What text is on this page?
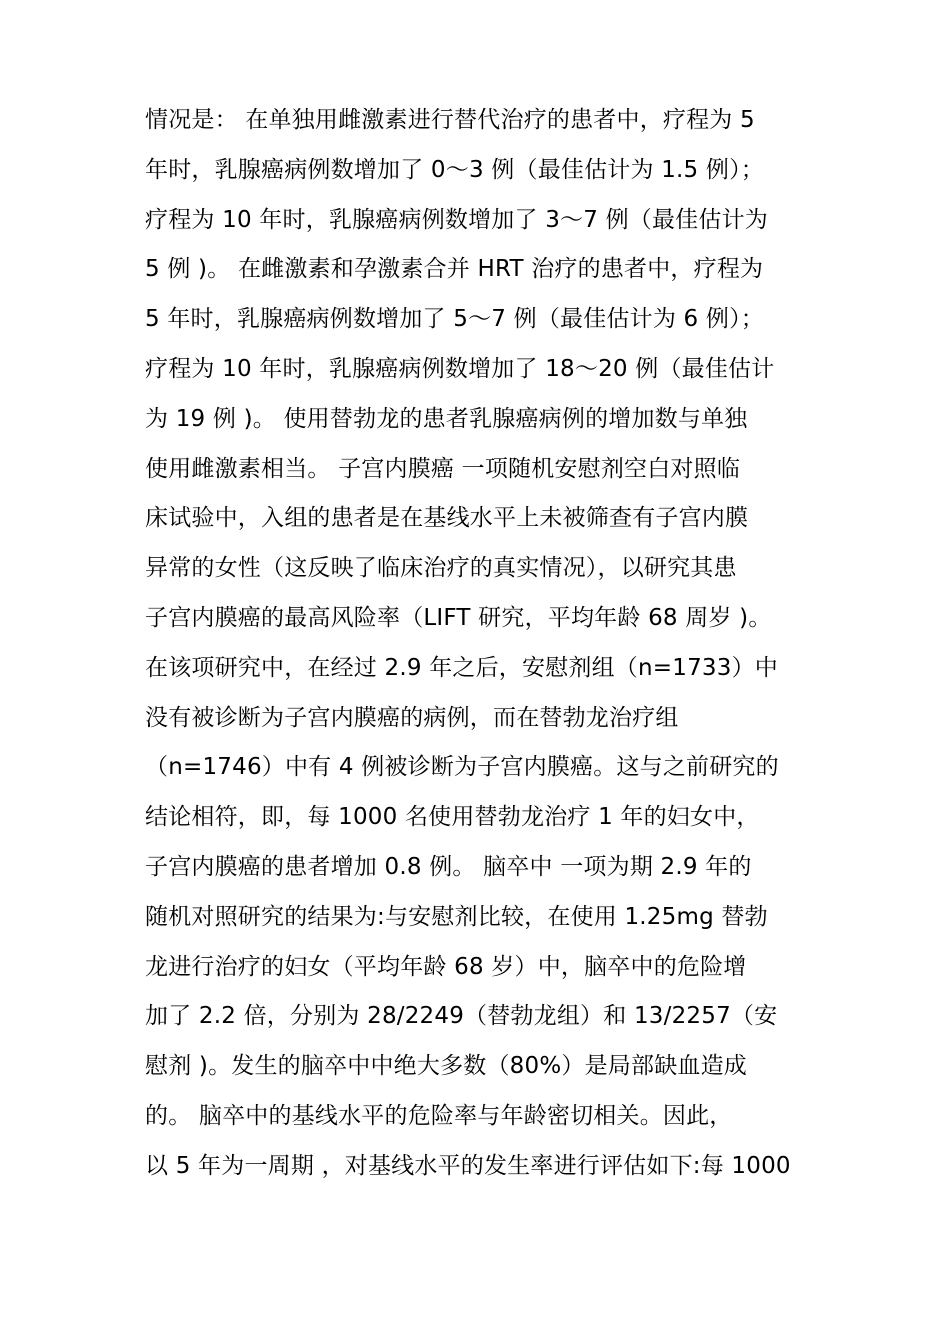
情况是： 在单独用雌激素进行替代治疗的患者中，疗程为 5
年时，乳腺癌病例数增加了 0～3 例（最佳估计为 1.5 例）；
疗程为 10 年时，乳腺癌病例数增加了 3～7 例（最佳估计为
5 例 )。 在雌激素和孕激素合并 HRT 治疗的患者中，疗程为
5 年时，乳腺癌病例数增加了 5～7 例（最佳估计为 6 例）；
疗程为 10 年时，乳腺癌病例数增加了 18～20 例（最佳估计
为 19 例 )。 使用替勃龙的患者乳腺癌病例的增加数与单独
使用雌激素相当。 子宫内膜癌 一项随机安慰剂空白对照临
床试验中，入组的患者是在基线水平上未被筛查有子宫内膜
异常的女性（这反映了临床治疗的真实情况），以研究其患
子宫内膜癌的最高风险率（LIFT 研究，平均年龄 68 周岁 )。
在该项研究中，在经过 2.9 年之后，安慰剂组（n=1733）中
没有被诊断为子宫内膜癌的病例，而在替勃龙治疗组
（n=1746）中有 4 例被诊断为子宫内膜癌。这与之前研究的
结论相符，即，每 1000 名使用替勃龙治疗 1 年的妇女中，
子宫内膜癌的患者增加 0.8 例。 脑卒中 一项为期 2.9 年的
随机对照研究的结果为:与安慰剂比较，在使用 1.25mg 替勃
龙进行治疗的妇女（平均年龄 68 岁）中，脑卒中的危险增
加了 2.2 倍，分别为 28/2249（替勃龙组）和 13/2257（安
慰剂 )。发生的脑卒中中绝大多数（80%）是局部缺血造成
的。 脑卒中的基线水平的危险率与年龄密切相关。因此，
以 5 年为一周期 ，对基线水平的发生率进行评估如下:每 1000
